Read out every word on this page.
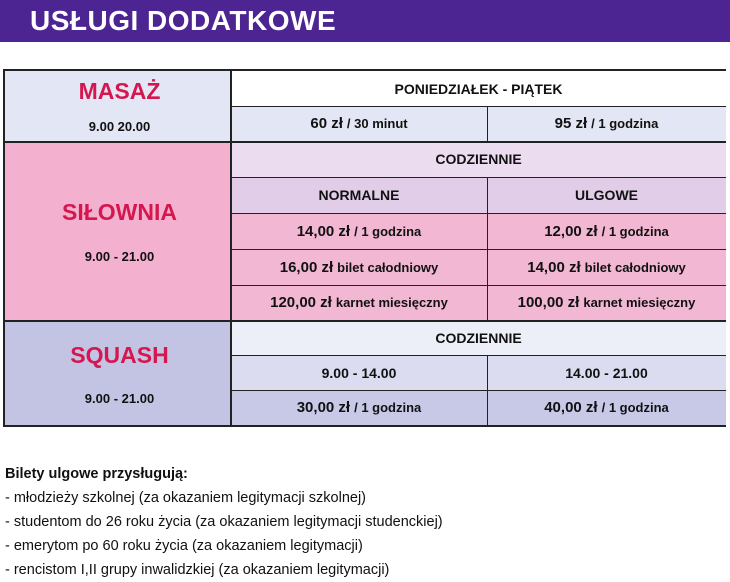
USŁUGI DODATKOWE
MASAŻ
9.00 20.00
PONIEDZIAŁEK - PIĄTEK
60 zł / 30 minut	95 zł / 1 godzina
SIŁOWNIA
9.00 - 21.00
CODZIENNIE
NORMALNE	ULGOWE
14,00 zł / 1 godzina	12,00 zł / 1 godzina
16,00 zł bilet całodniowy	14,00 zł bilet całodniowy
120,00 zł karnet miesięczny	100,00 zł karnet miesięczny
SQUASH
9.00 - 21.00
CODZIENNIE
9.00 - 14.00	14.00 - 21.00
30,00 zł / 1 godzina	40,00 zł / 1 godzina
Bilety ulgowe przysługują:
- młodzieży szkolnej (za okazaniem legitymacji szkolnej)
- studentom do 26 roku życia (za okazaniem legitymacji studenckiej)
- emerytom po 60 roku życia (za okazaniem legitymacji)
- rencistom I,II grupy inwalidzkiej (za okazaniem legitymacji)
